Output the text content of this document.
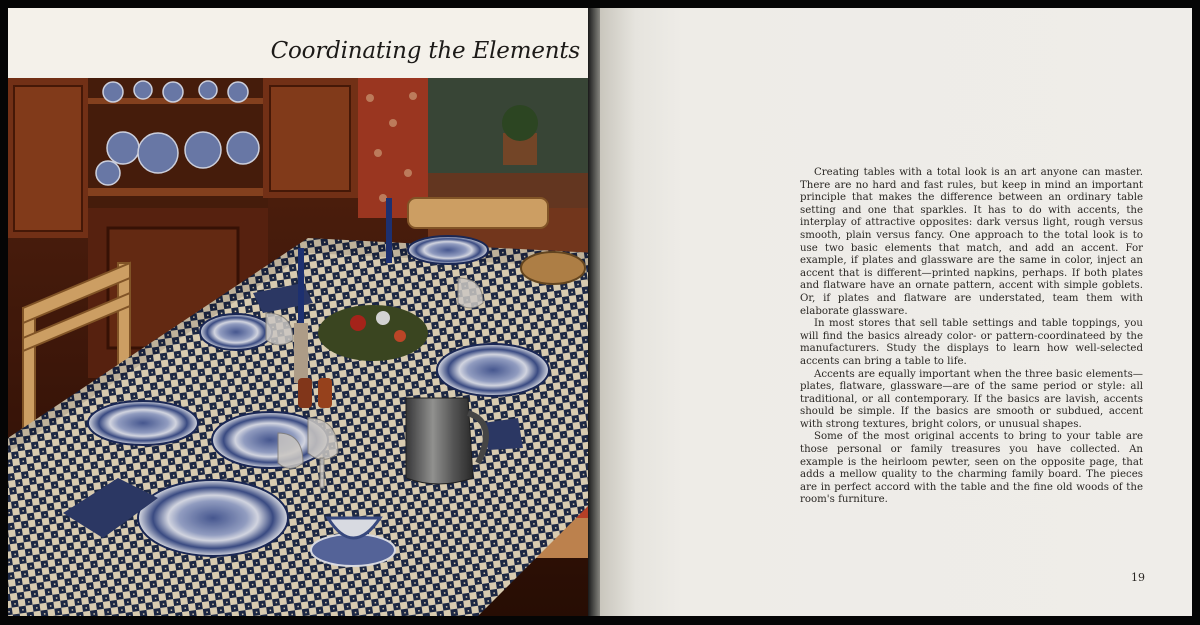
Coordinating the Elements

Creating tables with a total look is an art anyone can master. There are no hard and fast rules, but keep in mind an important principle that makes the difference between an ordinary table setting and one that sparkles. It has to do with accents, the interplay of attractive opposites: dark versus light, rough versus smooth, plain versus fancy. One approach to the total look is to use two basic elements that match, and add an accent. For example, if plates and glassware are the same in color, inject an accent that is different—printed napkins, perhaps. If both plates and flatware have an ornate pattern, accent with simple goblets. Or, if plates and flatware are understated, team them with elaborate glassware.

In most stores that sell table settings and table toppings, you will find the basics already color- or pattern-coordinateed by the manufacturers. Study the displays to learn how well-selected accents can bring a table to life.

Accents are equally important when the three basic elements—plates, flatware, glassware—are of the same period or style: all traditional, or all contemporary. If the basics are lavish, accents should be simple. If the basics are smooth or subdued, accent with strong textures, bright colors, or unusual shapes.

Some of the most original accents to bring to your table are those personal or family treasures you have collected. An example is the heirloom pewter, seen on the opposite page, that adds a mellow quality to the charming family board. The pieces are in perfect accord with the table and the fine old woods of the room's furniture.

19
